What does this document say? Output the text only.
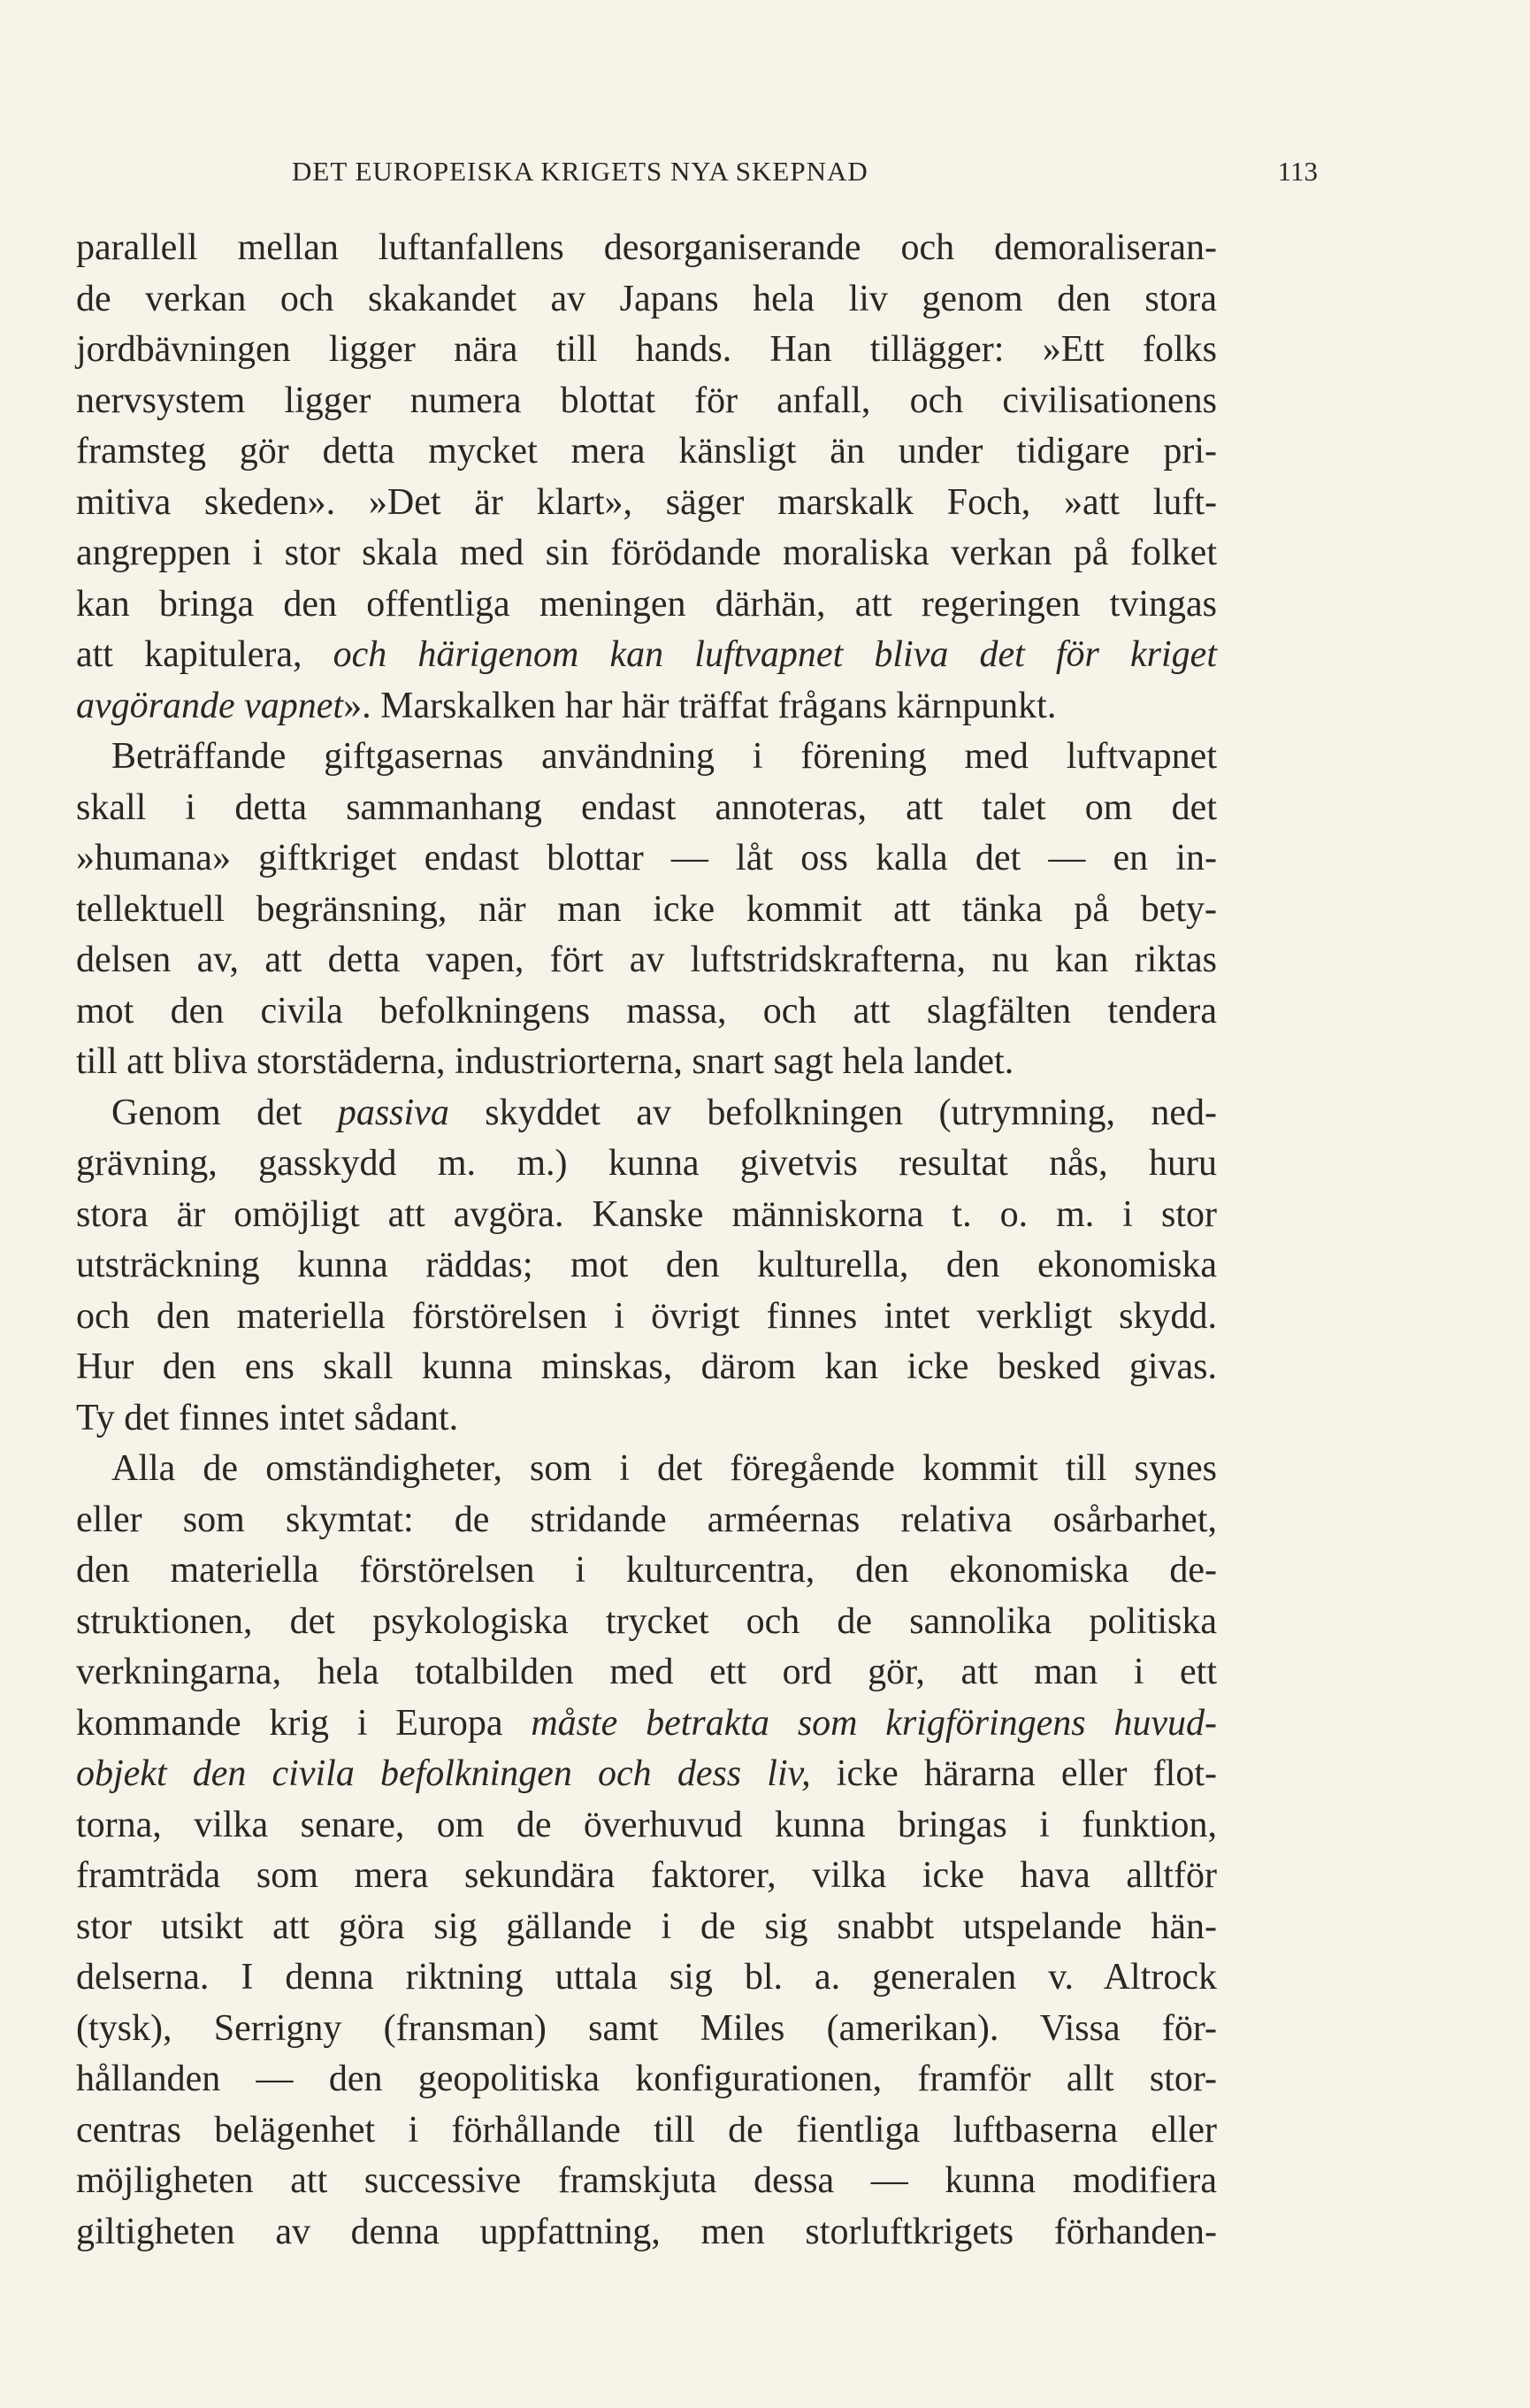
DET EUROPEISKA KRIGETS NYA SKEPNAD	113
parallell mellan luftanfallens desorganiserande och demoraliseran-
de verkan och skakandet av Japans hela liv genom den stora
jordbävningen ligger nära till hands. Han tillägger: »Ett folks
nervsystem ligger numera blottat för anfall, och civilisationens
framsteg gör detta mycket mera känsligt än under tidigare pri-
mitiva skeden». »Det är klart», säger marskalk Foch, »att luft-
angreppen i stor skala med sin förödande moraliska verkan på folket
kan bringa den offentliga meningen därhän, att regeringen tvingas
att kapitulera, och härigenom kan luftvapnet bliva det för kriget
avgörande vapnet». Marskalken har här träffat frågans kärnpunkt.
Beträffande giftgasernas användning i förening med luftvapnet
skall i detta sammanhang endast annoteras, att talet om det
»humana» giftkriget endast blottar — låt oss kalla det — en in-
tellektuell begränsning, när man icke kommit att tänka på bety-
delsen av, att detta vapen, fört av luftstridskrafterna, nu kan riktas
mot den civila befolkningens massa, och att slagfälten tendera
till att bliva storstäderna, industriorterna, snart sagt hela landet.
Genom det passiva skyddet av befolkningen (utrymning, ned-
grävning, gasskydd m. m.) kunna givetvis resultat nås, huru
stora är omöjligt att avgöra. Kanske människorna t. o. m. i stor
utsträckning kunna räddas; mot den kulturella, den ekonomiska
och den materiella förstörelsen i övrigt finnes intet verkligt skydd.
Hur den ens skall kunna minskas, därom kan icke besked givas.
Ty det finnes intet sådant.
Alla de omständigheter, som i det föregående kommit till synes
eller som skymtat: de stridande arméernas relativa osårbarhet,
den materiella förstörelsen i kulturcentra, den ekonomiska de-
struktionen, det psykologiska trycket och de sannolika politiska
verkningarna, hela totalbilden med ett ord gör, att man i ett
kommande krig i Europa måste betrakta som krigföringens huvud-
objekt den civila befolkningen och dess liv, icke härarna eller flot-
torna, vilka senare, om de överhuvud kunna bringas i funktion,
framträda som mera sekundära faktorer, vilka icke hava alltför
stor utsikt att göra sig gällande i de sig snabbt utspelande hän-
delserna. I denna riktning uttala sig bl. a. generalen v. Altrock
(tysk), Serrigny (fransman) samt Miles (amerikan). Vissa för-
hållanden — den geopolitiska konfigurationen, framför allt stor-
centras belägenhet i förhållande till de fientliga luftbaserna eller
möjligheten att successive framskjuta dessa — kunna modifiera
giltigheten av denna uppfattning, men storluftkrigets förhanden-
